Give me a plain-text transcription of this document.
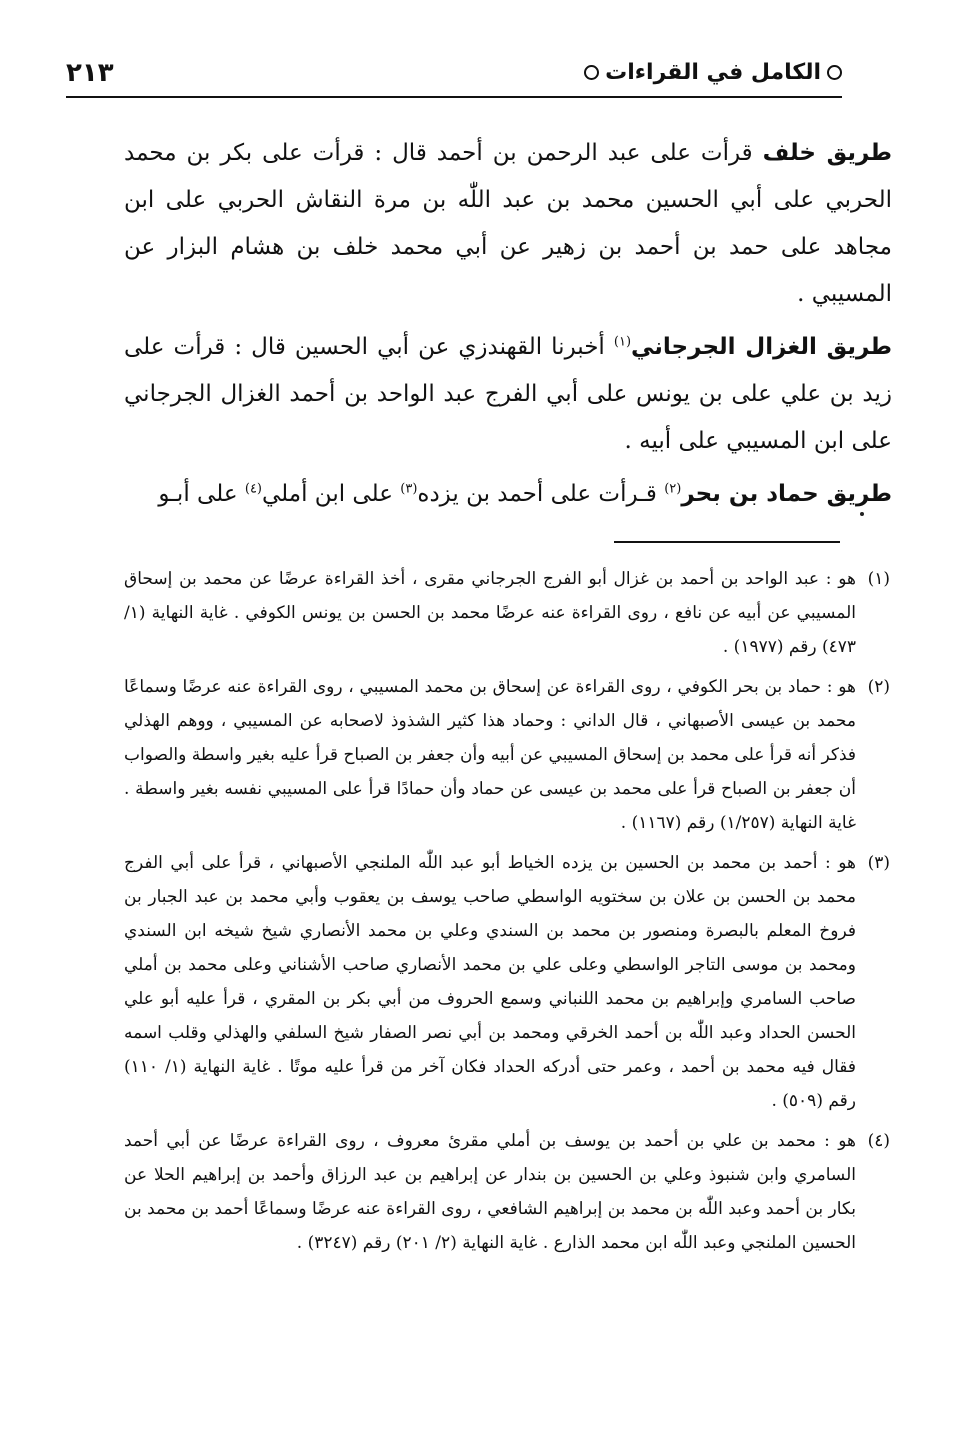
الكامل في القراءات
٢١٣

طريق خلف قرأت على عبد الرحمن بن أحمد قال : قرأت على بكر بن محمد الحربي على أبي الحسين محمد بن عبد اللّٰه بن مرة النقاش الحربي على ابن مجاهد على حمد بن أحمد بن زهير عن أبي محمد خلف بن هشام البزار عن المسيبي .

طريق الغزال الجرجاني$^{(١)}$ أخبرنا القهندزي عن أبي الحسين قال : قرأت على زيد بن علي على بن يونس على أبي الفرج عبد الواحد بن أحمد الغزال الجرجاني على ابن المسيبي على أبيه .

طريق حماد بن بحر$^{(٢)}$ قـرأت على أحمد بن يزده$^{(٣)}$ على ابن أملي$^{(٤)}$ على أبـو

(١)
هو : عبد الواحد بن أحمد بن غزال أبو الفرج الجرجاني مقرى ، أخذ القراءة عرضًا عن محمد بن إسحاق المسيبي عن أبيه عن نافع ، روى القراءة عنه عرضًا محمد بن الحسن بن يونس الكوفي . غاية النهاية (١/ ٤٧٣) رقم (١٩٧٧) .
(٢)
هو : حماد بن بحر الكوفي ، روى القراءة عن إسحاق بن محمد المسيبي ، روى القراءة عنه عرضًا وسماعًا محمد بن عيسى الأصبهاني ، قال الداني : وحماد هذا كثير الشذوذ لاصحابه عن المسيبي ، ووهم الهذلي فذكر أنه قرأ على محمد بن إسحاق المسيبي عن أبيه وأن جعفر بن الصباح قرأ عليه بغير واسطة والصواب أن جعفر بن الصباح قرأ على محمد بن عيسى عن حماد وأن حمادًا قرأ على المسيبي نفسه بغير واسطة . غاية النهاية (١/٢٥٧) رقم (١١٦٧) .
(٣)
هو : أحمد بن محمد بن الحسين بن يزده الخياط أبو عبد اللّٰه الملنجي الأصبهاني ، قرأ على أبي الفرج محمد بن الحسن بن علان بن سختويه الواسطي صاحب يوسف بن يعقوب وأبي محمد بن عبد الجبار بن فروخ المعلم بالبصرة ومنصور بن محمد بن السندي وعلي بن محمد الأنصاري شيخ شيخه ابن السندي ومحمد بن موسى التاجر الواسطي وعلى علي بن محمد الأنصاري صاحب الأشناني وعلى محمد بن أملي صاحب السامري وإبراهيم بن محمد اللنباني وسمع الحروف من أبي بكر بن المقري ، قرأ عليه أبو علي الحسن الحداد وعبد اللّٰه بن أحمد الخرقي ومحمد بن أبي نصر الصفار شيخ السلفي والهذلي وقلب اسمه فقال فيه محمد بن أحمد ، وعمر حتى أدركه الحداد فكان آخر من قرأ عليه موتًا . غاية النهاية (١/ ١١٠) رقم (٥٠٩) .
(٤)
هو : محمد بن علي بن أحمد بن يوسف بن أملي مقرئ معروف ، روى القراءة عرضًا عن أبي أحمد السامري وابن شنبوذ وعلي بن الحسين بن بندار عن إبراهيم بن عبد الرزاق وأحمد بن إبراهيم الحلا عن بكار بن أحمد وعبد اللّٰه بن محمد بن إبراهيم الشافعي ، روى القراءة عنه عرضًا وسماعًا أحمد بن محمد بن الحسين الملنجي وعبد اللّٰه ابن محمد الذارع . غاية النهاية (٢/ ٢٠١) رقم (٣٢٤٧) .
